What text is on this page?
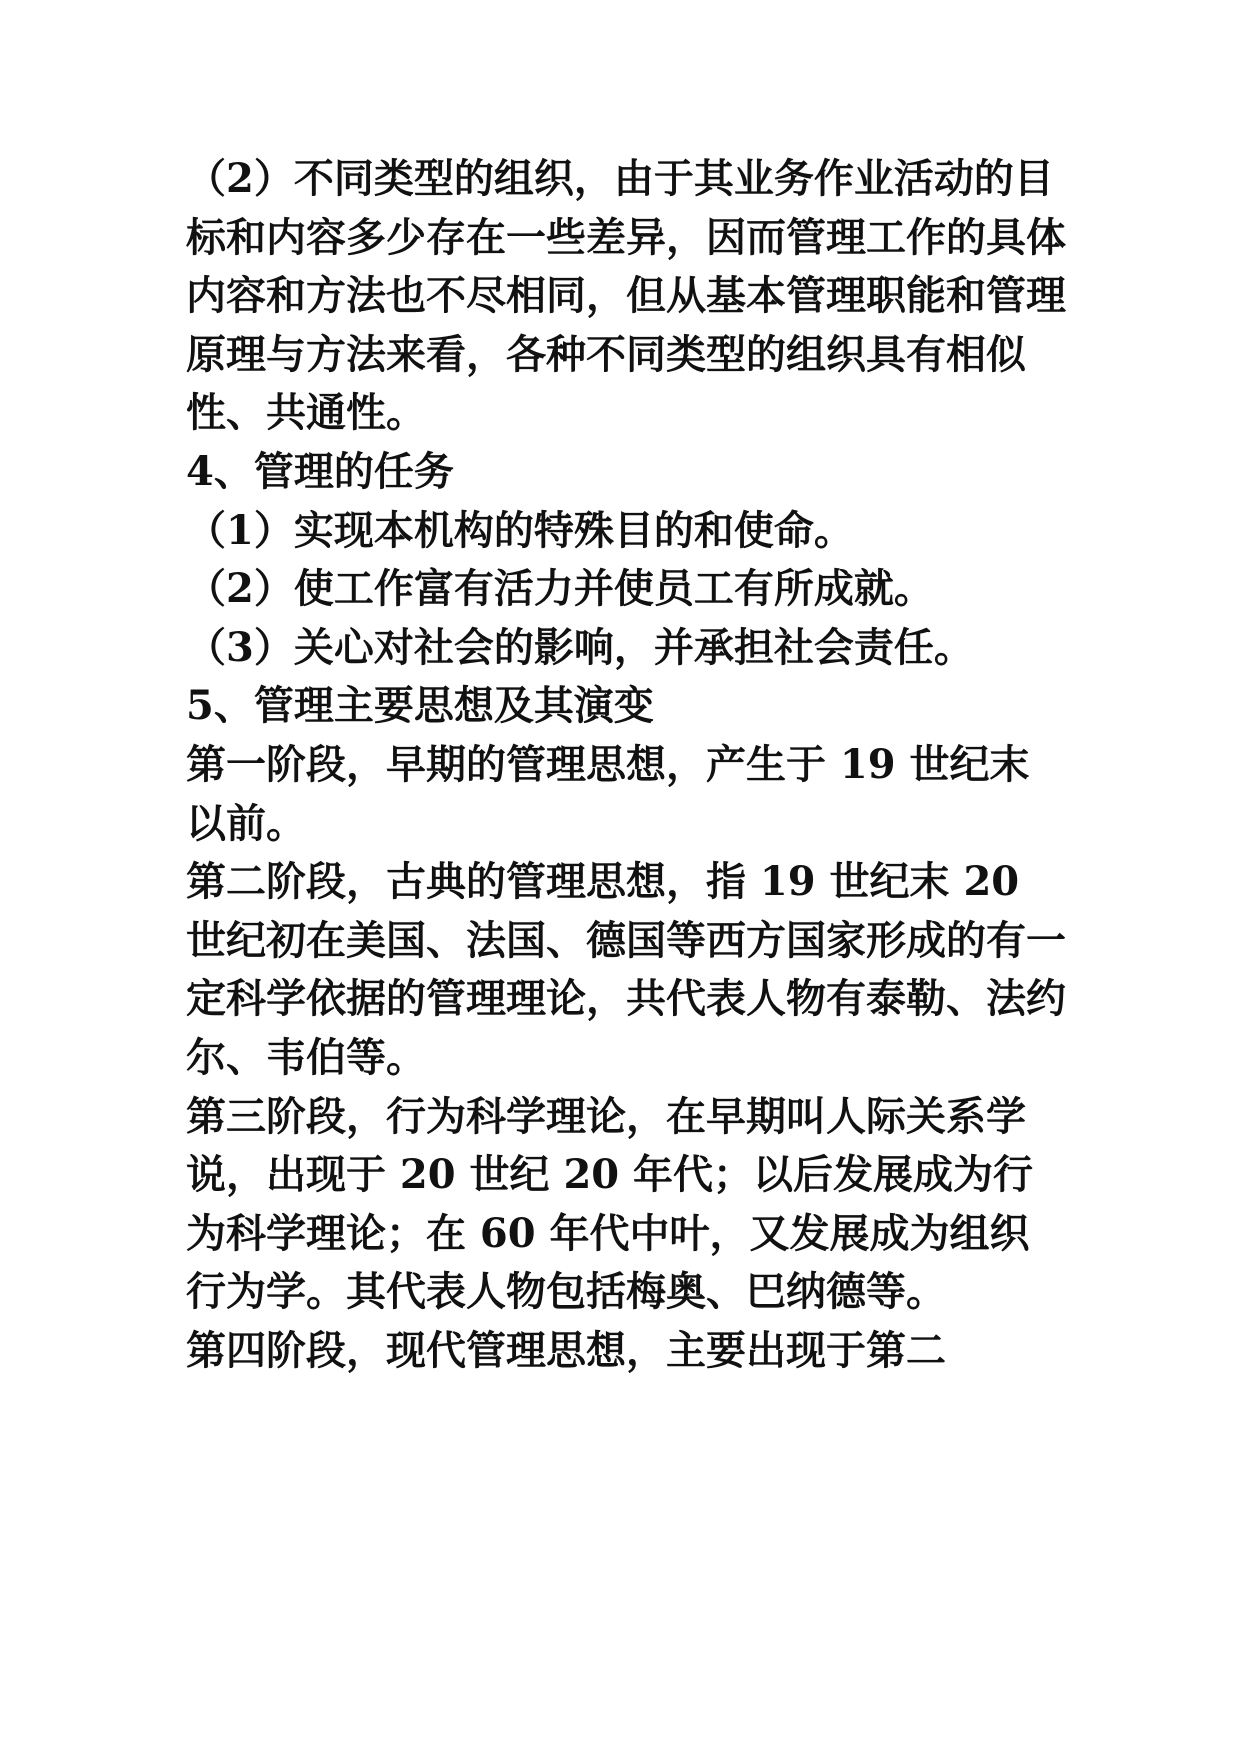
（2）不同类型的组织，由于其业务作业活动的目标和内容多少存在一些差异，因而管理工作的具体内容和方法也不尽相同，但从基本管理职能和管理原理与方法来看，各种不同类型的组织具有相似性、共通性。

4、管理的任务

（1）实现本机构的特殊目的和使命。

（2）使工作富有活力并使员工有所成就。

（3）关心对社会的影响，并承担社会责任。

5、管理主要思想及其演变

第一阶段，早期的管理思想，产生于 19 世纪末以前。

第二阶段，古典的管理思想，指 19 世纪末 20 世纪初在美国、法国、德国等西方国家形成的有一定科学依据的管理理论，共代表人物有泰勒、法约尔、韦伯等。

第三阶段，行为科学理论，在早期叫人际关系学说，出现于 20 世纪 20 年代；以后发展成为行为科学理论；在 60 年代中叶，又发展成为组织行为学。其代表人物包括梅奥、巴纳德等。

第四阶段，现代管理思想，主要出现于第二
